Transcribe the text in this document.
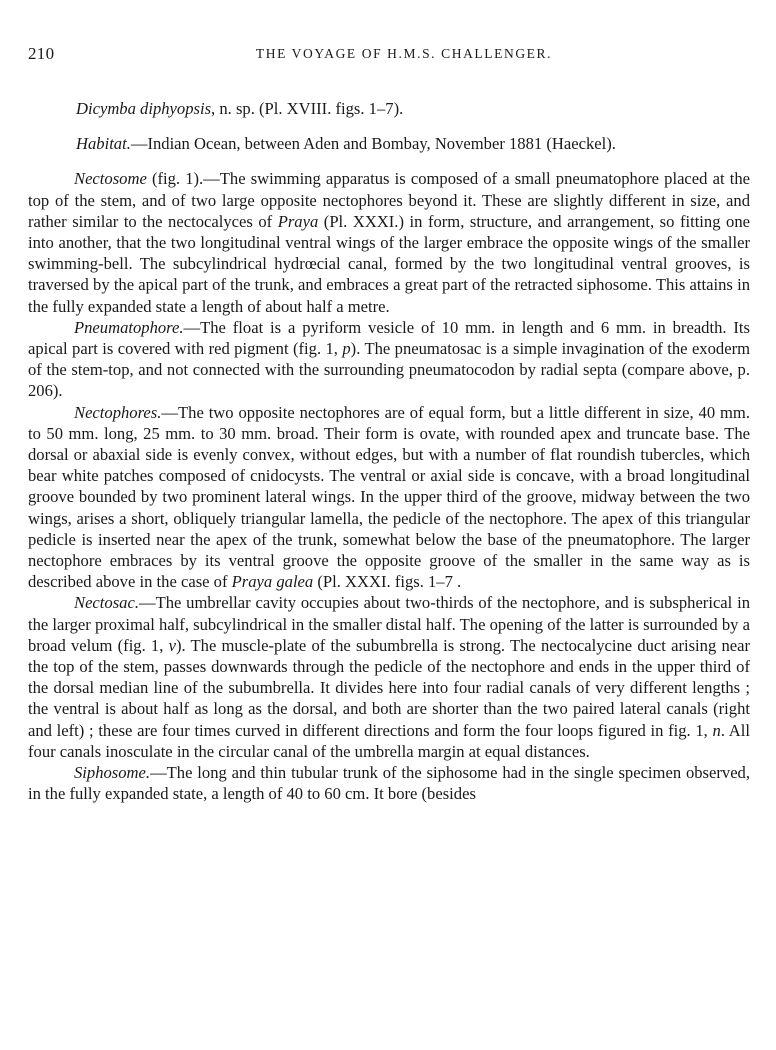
210	THE VOYAGE OF H.M.S. CHALLENGER.

Dicymba diphyopsis, n. sp. (Pl. XVIII. figs. 1–7).

Habitat.—Indian Ocean, between Aden and Bombay, November 1881 (Haeckel).

Nectosome (fig. 1).—The swimming apparatus is composed of a small pneumatophore placed at the top of the stem, and of two large opposite nectophores beyond it. These are slightly different in size, and rather similar to the nectocalyces of Praya (Pl. XXXI.) in form, structure, and arrangement, so fitting one into another, that the two longitudinal ventral wings of the larger embrace the opposite wings of the smaller swimming-bell. The subcylindrical hydrœcial canal, formed by the two longitudinal ventral grooves, is traversed by the apical part of the trunk, and embraces a great part of the retracted siphosome. This attains in the fully expanded state a length of about half a metre.

Pneumatophore.—The float is a pyriform vesicle of 10 mm. in length and 6 mm. in breadth. Its apical part is covered with red pigment (fig. 1, p). The pneumatosac is a simple invagination of the exoderm of the stem-top, and not connected with the surrounding pneumatocodon by radial septa (compare above, p. 206).

Nectophores.—The two opposite nectophores are of equal form, but a little different in size, 40 mm. to 50 mm. long, 25 mm. to 30 mm. broad. Their form is ovate, with rounded apex and truncate base. The dorsal or abaxial side is evenly convex, without edges, but with a number of flat roundish tubercles, which bear white patches composed of cnidocysts. The ventral or axial side is concave, with a broad longitudinal groove bounded by two prominent lateral wings. In the upper third of the groove, midway between the two wings, arises a short, obliquely triangular lamella, the pedicle of the nectophore. The apex of this triangular pedicle is inserted near the apex of the trunk, somewhat below the base of the pneumatophore. The larger nectophore embraces by its ventral groove the opposite groove of the smaller in the same way as is described above in the case of Praya galea (Pl. XXXI. figs. 1–7 .

Nectosac.—The umbrellar cavity occupies about two-thirds of the nectophore, and is subspherical in the larger proximal half, subcylindrical in the smaller distal half. The opening of the latter is surrounded by a broad velum (fig. 1, v). The muscle-plate of the subumbrella is strong. The nectocalycine duct arising near the top of the stem, passes downwards through the pedicle of the nectophore and ends in the upper third of the dorsal median line of the subumbrella. It divides here into four radial canals of very different lengths ; the ventral is about half as long as the dorsal, and both are shorter than the two paired lateral canals (right and left) ; these are four times curved in different directions and form the four loops figured in fig. 1, n. All four canals inosculate in the circular canal of the umbrella margin at equal distances.

Siphosome.—The long and thin tubular trunk of the siphosome had in the single specimen observed, in the fully expanded state, a length of 40 to 60 cm. It bore (besides
